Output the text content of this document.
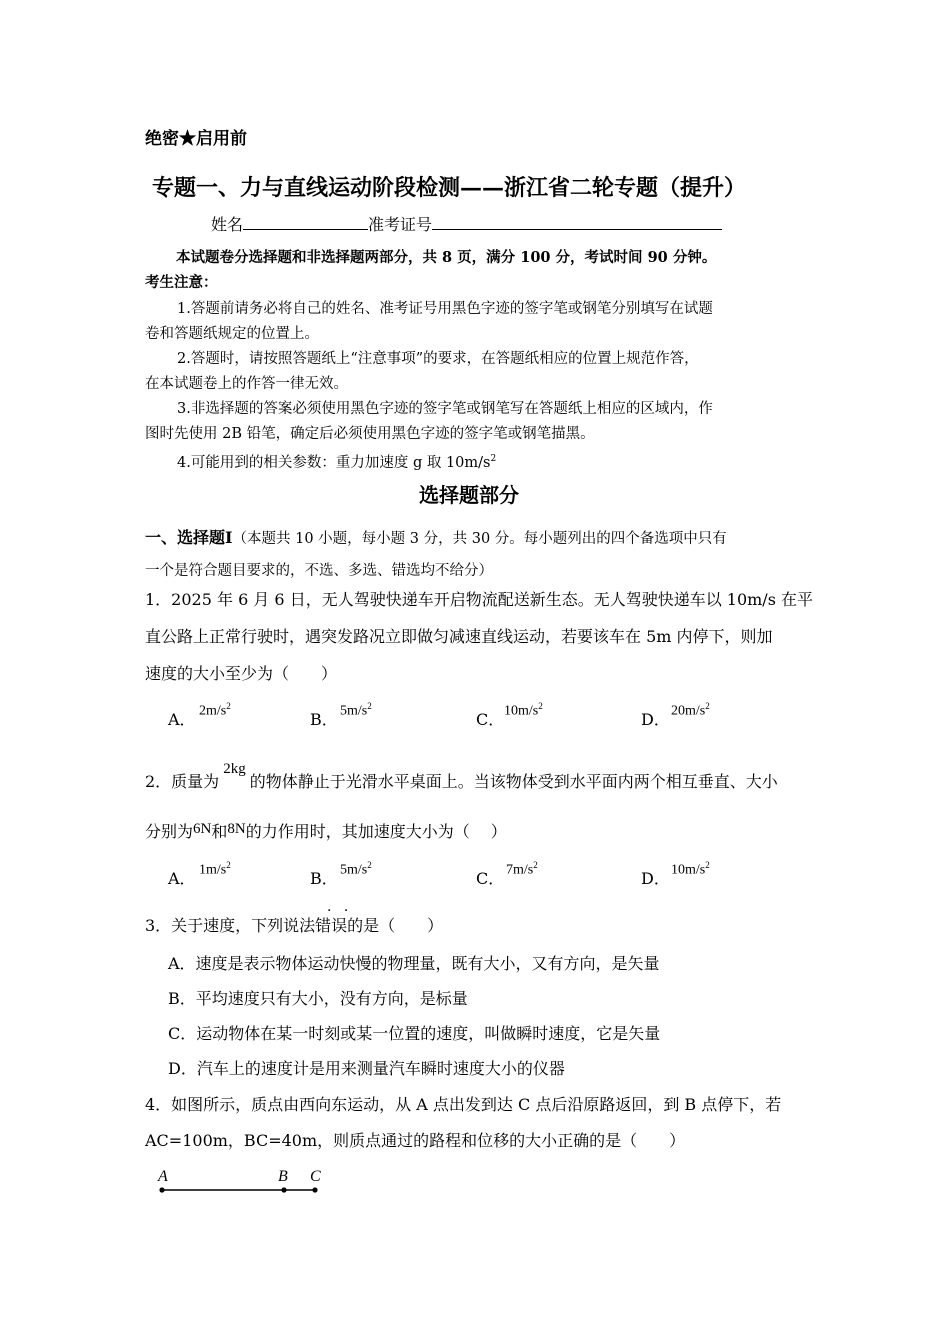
绝密★启用前
专题一、力与直线运动阶段检测——浙江省二轮专题（提升）
姓名	准考证号
本试题卷分选择题和非选择题两部分，共 8 页，满分 100 分，考试时间 90 分钟。
考生注意：
1.答题前请务必将自己的姓名、准考证号用黑色字迹的签字笔或钢笔分别填写在试题
卷和答题纸规定的位置上。
2.答题时，请按照答题纸上“注意事项”的要求，在答题纸相应的位置上规范作答，
在本试题卷上的作答一律无效。
3.非选择题的答案必须使用黑色字迹的签字笔或钢笔写在答题纸上相应的区域内，作
图时先使用 2B 铅笔，确定后必须使用黑色字迹的签字笔或钢笔描黑。
4.可能用到的相关参数：重力加速度 g 取 $10m/s^2$
选择题部分
一、选择题Ⅰ（本题共 10 小题，每小题 3 分，共 30 分。每小题列出的四个备选项中只有
一个是符合题目要求的，不选、多选、错选均不给分）
1．2025 年 6 月 6 日，无人驾驶快递车开启物流配送新生态。无人驾驶快递车以 10m/s 在平
直公路上正常行驶时，遇突发路况立即做匀减速直线运动，若要该车在 5m 内停下，则加
速度的大小至少为（　　）
A． $2m/s^2$
B． $5m/s^2$
C． $10m/s^2$
D． $20m/s^2$
2．质量为2kg的物体静止于光滑水平桌面上。当该物体受到水平面内两个相互垂直、大小
分别为6N和8N的力作用时，其加速度大小为（　 ）
A． $1m/s^2$
B． $5m/s^2$
C． $7m/s^2$
D． $10m/s^2$
· ·
3．关于速度，下列说法错误的是（　　）
A．速度是表示物体运动快慢的物理量，既有大小，又有方向，是矢量
B．平均速度只有大小，没有方向，是标量
C．运动物体在某一时刻或某一位置的速度，叫做瞬时速度，它是矢量
D．汽车上的速度计是用来测量汽车瞬时速度大小的仪器
4．如图所示，质点由西向东运动，从 A 点出发到达 C 点后沿原路返回，到 B 点停下，若
AC=100m，BC=40m，则质点通过的路程和位移的大小正确的是（　　）
A	B C
